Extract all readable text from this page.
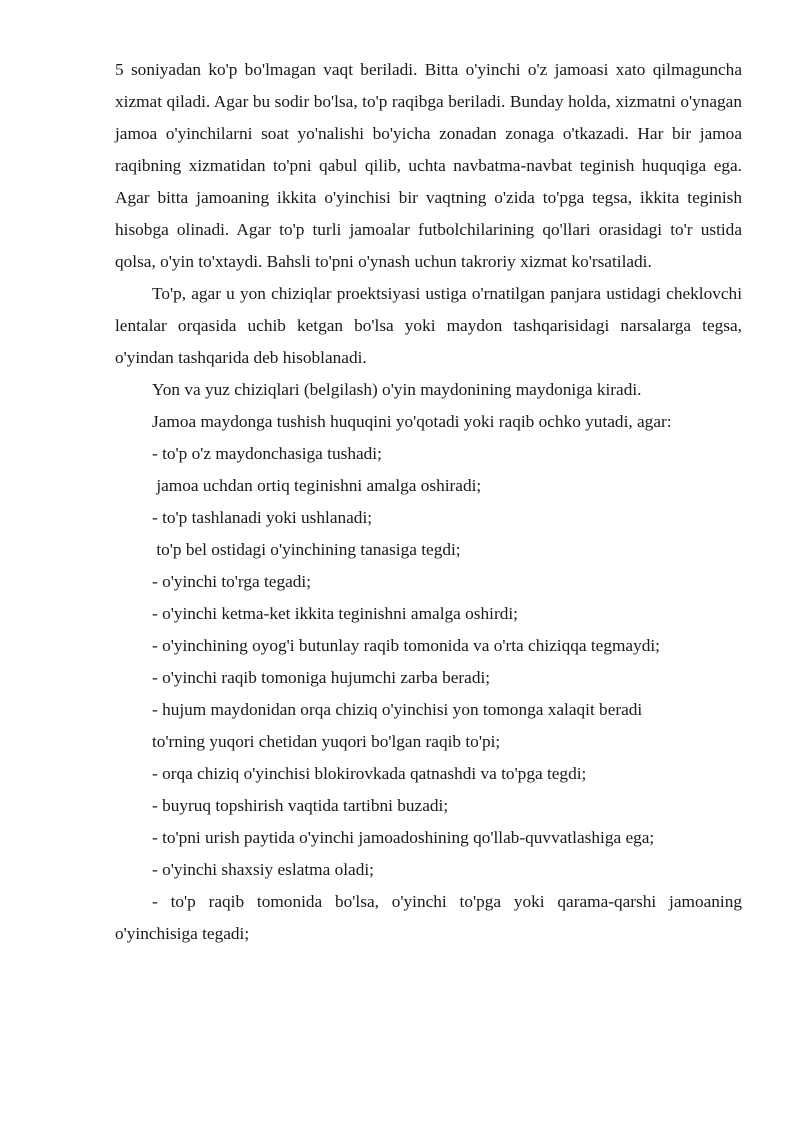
5 soniyadan ko'p bo'lmagan vaqt beriladi. Bitta o'yinchi o'z jamoasi xato qilmaguncha xizmat qiladi. Agar bu sodir bo'lsa, to'p raqibga beriladi. Bunday holda, xizmatni o'ynagan jamoa o'yinchilarni soat yo'nalishi bo'yicha zonadan zonaga o'tkazadi. Har bir jamoa raqibning xizmatidan to'pni qabul qilib, uchta navbatma-navbat teginish huquqiga ega. Agar bitta jamoaning ikkita o'yinchisi bir vaqtning o'zida to'pga tegsa, ikkita teginish hisobga olinadi. Agar to'p turli jamoalar futbolchilarining qo'llari orasidagi to'r ustida qolsa, o'yin to'xtaydi. Bahsli to'pni o'ynash uchun takroriy xizmat ko'rsatiladi.

To'p, agar u yon chiziqlar proektsiyasi ustiga o'rnatilgan panjara ustidagi cheklovchi lentalar orqasida uchib ketgan bo'lsa yoki maydon tashqarisidagi narsalarga tegsa, o'yindan tashqarida deb hisoblanadi.

Yon va yuz chiziqlari (belgilash) o'yin maydonining maydoniga kiradi.

Jamoa maydonga tushish huquqini yo'qotadi yoki raqib ochko yutadi, agar:

- to'p o'z maydonchasiga tushadi;

jamoa uchdan ortiq teginishni amalga oshiradi;

- to'p tashlanadi yoki ushlanadi;

to'p bel ostidagi o'yinchining tanasiga tegdi;

- o'yinchi to'rga tegadi;

- o'yinchi ketma-ket ikkita teginishni amalga oshirdi;

- o'yinchining oyog'i butunlay raqib tomonida va o'rta chiziqqa tegmaydi;

- o'yinchi raqib tomoniga hujumchi zarba beradi;

- hujum maydonidan orqa chiziq o'yinchisi yon tomonga xalaqit beradi

to'rning yuqori chetidan yuqori bo'lgan raqib to'pi;

- orqa chiziq o'yinchisi blokirovkada qatnashdi va to'pga tegdi;

- buyruq topshirish vaqtida tartibni buzadi;

- to'pni urish paytida o'yinchi jamoadoshining qo'llab-quvvatlashiga ega;

- o'yinchi shaxsiy eslatma oladi;

- to'p raqib tomonida bo'lsa, o'yinchi to'pga yoki qarama-qarshi jamoaning o'yinchisiga tegadi;
